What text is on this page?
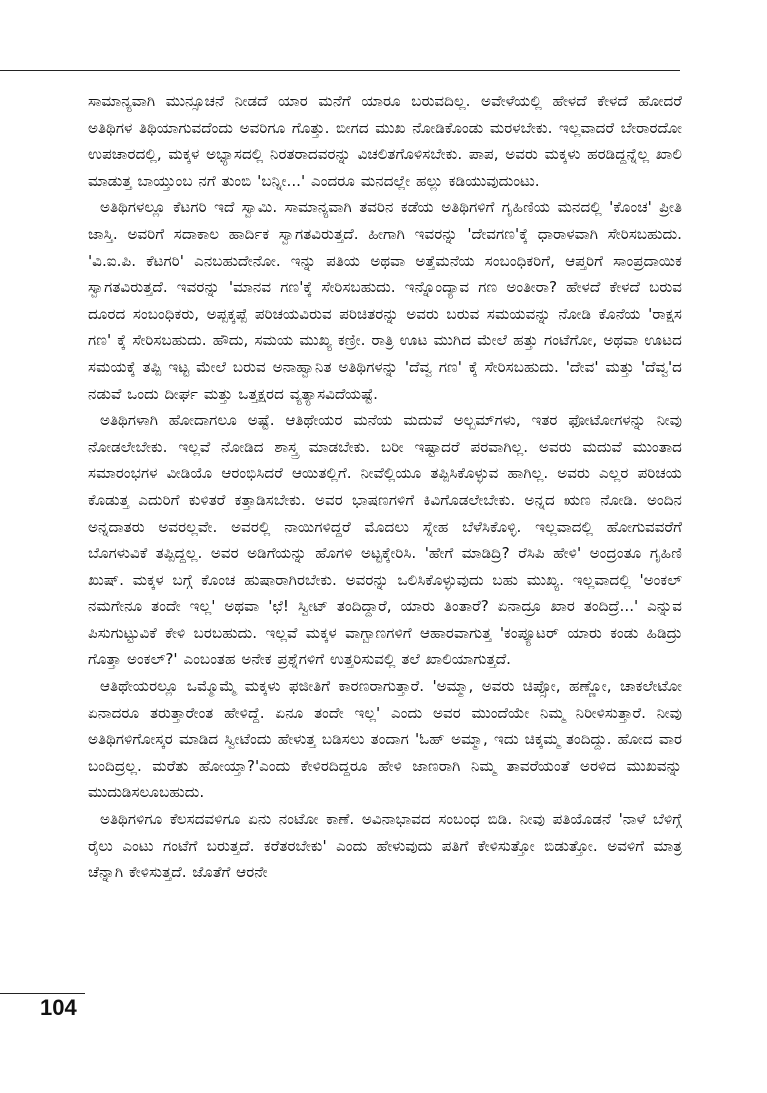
ಸಾಮಾನ್ಯವಾಗಿ ಮುನ್ಸೂಚನೆ ನೀಡದೆ ಯಾರ ಮನೆಗೆ ಯಾರೂ ಬರುವದಿಲ್ಲ. ಅವೇಳೆಯಲ್ಲಿ ಹೇಳದೆ ಕೇಳದೆ ಹೋದರೆ ಅತಿಥಿಗಳ ತಿಥಿಯಾಗುವದೆಂದು ಅವರಿಗೂ ಗೊತ್ತು. ಬೀಗದ ಮುಖ ನೋಡಿಕೊಂಡು ಮರಳಬೇಕು. ಇಲ್ಲವಾದರೆ ಬೇರಾರದೋ ಉಪಚಾರದಲ್ಲಿ, ಮಕ್ಕಳ ಅಭ್ಯಾಸದಲ್ಲಿ ನಿರತರಾದವರನ್ನು ವಿಚಲಿತಗೊಳಿಸಬೇಕು. ಪಾಪ, ಅವರು ಮಕ್ಕಳು ಹರಡಿದ್ದನ್ನೆಲ್ಲ ಖಾಲಿ ಮಾಡುತ್ತ ಬಾಯ್ತುಂಬ ನಗೆ ತುಂಬಿ 'ಬನ್ನೀ...' ಎಂದರೂ ಮನದಲ್ಲೇ ಹಲ್ಲು ಕಡಿಯುವುದುಂಟು.

ಅತಿಥಿಗಳಲ್ಲೂ ಕೆಟಗರಿ ಇದೆ ಸ್ವಾಮಿ. ಸಾಮಾನ್ಯವಾಗಿ ತವರಿನ ಕಡೆಯ ಅತಿಥಿಗಳಿಗೆ ಗೃಹಿಣಿಯ ಮನದಲ್ಲಿ 'ಕೊಂಚ' ಪ್ರೀತಿ ಜಾಸ್ತಿ. ಅವರಿಗೆ ಸದಾಕಾಲ ಹಾರ್ದಿಕ ಸ್ವಾಗತವಿರುತ್ತದೆ. ಹೀಗಾಗಿ ಇವರನ್ನು 'ದೇವಗಣ'ಕ್ಕೆ ಧಾರಾಳವಾಗಿ ಸೇರಿಸಬಹುದು. 'ವಿ.ಐ.ಪಿ. ಕೆಟಗರಿ' ಎನಬಹುದೇನೋ. ಇನ್ನು ಪತಿಯ ಅಥವಾ ಅತ್ತೆಮನೆಯ ಸಂಬಂಧಿಕರಿಗೆ, ಆಪ್ತರಿಗೆ ಸಾಂಪ್ರದಾಯಿಕ ಸ್ವಾಗತವಿರುತ್ತದೆ. ಇವರನ್ನು 'ಮಾನವ ಗಣ'ಕ್ಕೆ ಸೇರಿಸಬಹುದು. ಇನ್ನೊಂದ್ಯಾವ ಗಣ ಅಂತೀರಾ? ಹೇಳದೆ ಕೇಳದೆ ಬರುವ ದೂರದ ಸಂಬಂಧಿಕರು, ಅಪ್ಪಕ್ಕಪ್ಪೆ ಪರಿಚಯವಿರುವ ಪರಿಚಿತರನ್ನು ಅವರು ಬರುವ ಸಮಯವನ್ನು ನೋಡಿ ಕೊನೆಯ 'ರಾಕ್ಷಸ ಗಣ' ಕ್ಕೆ ಸೇರಿಸಬಹುದು. ಹೌದು, ಸಮಯ ಮುಖ್ಯ ಕಣ್ರೀ. ರಾತ್ರಿ ಊಟ ಮುಗಿದ ಮೇಲೆ ಹತ್ತು ಗಂಟೆಗೋ, ಅಥವಾ ಊಟದ ಸಮಯಕ್ಕೆ ತಪ್ಪಿ ಇಟ್ಟ ಮೇಲೆ ಬರುವ ಅನಾಹ್ವಾನಿತ ಅತಿಥಿಗಳನ್ನು 'ದೆವ್ವ ಗಣ' ಕ್ಕೆ ಸೇರಿಸಬಹುದು. 'ದೇವ' ಮತ್ತು 'ದೆವ್ವ'ದ ನಡುವೆ ಒಂದು ದೀರ್ಘ ಮತ್ತು ಒತ್ತಕ್ಷರದ ವ್ಯತ್ಯಾಸವಿದೆಯಷ್ಟೆ.

ಅತಿಥಿಗಳಾಗಿ ಹೋದಾಗಲೂ ಅಷ್ಟೆ. ಆತಿಥೇಯರ ಮನೆಯ ಮದುವೆ ಅಲ್ಬಮ್‌ಗಳು, ಇತರ ಫೋಟೋಗಳನ್ನು ನೀವು ನೋಡಲೇಬೇಕು. ಇಲ್ಲವೆ ನೋಡಿದ ಶಾಸ್ತ್ರ ಮಾಡಬೇಕು. ಬರೀ ಇಷ್ಟಾದರೆ ಪರವಾಗಿಲ್ಲ. ಅವರು ಮದುವೆ ಮುಂತಾದ ಸಮಾರಂಭಗಳ ವೀಡಿಯೊ ಆರಂಭಿಸಿದರೆ ಆಯಿತಲ್ಲಿಗೆ. ನೀವೆಲ್ಲಿಯೂ ತಪ್ಪಿಸಿಕೊಳ್ಳುವ ಹಾಗಿಲ್ಲ. ಅವರು ಎಲ್ಲರ ಪರಿಚಯ ಕೊಡುತ್ತ ಎದುರಿಗೆ ಕುಳಿತರೆ ಕತ್ತಾಡಿಸಬೇಕು. ಅವರ ಭಾಷಣಗಳಿಗೆ ಕಿವಿಗೊಡಲೇಬೇಕು. ಅನ್ನದ ಋಣ ನೋಡಿ. ಅಂದಿನ ಅನ್ನದಾತರು ಅವರಲ್ಲವೇ. ಅವರಲ್ಲಿ ನಾಯಿಗಳಿದ್ದರೆ ಮೊದಲು ಸ್ನೇಹ ಬೆಳೆಸಿಕೊಳ್ಳಿ. ಇಲ್ಲವಾದಲ್ಲಿ ಹೋಗುವವರೆಗೆ ಬೊಗಳುವಿಕೆ ತಪ್ಪಿದ್ದಲ್ಲ. ಅವರ ಅಡಿಗೆಯನ್ನು ಹೊಗಳಿ ಅಟ್ಟಕ್ಕೇರಿಸಿ. 'ಹೇಗೆ ಮಾಡಿದ್ರಿ? ರೆಸಿಪಿ ಹೇಳಿ' ಅಂದ್ರಂತೂ ಗೃಹಿಣಿ ಖುಷ್. ಮಕ್ಕಳ ಬಗ್ಗೆ ಕೊಂಚ ಹುಷಾರಾಗಿರಬೇಕು. ಅವರನ್ನು ಒಲಿಸಿಕೊಳ್ಳುವುದು ಬಹು ಮುಖ್ಯ. ಇಲ್ಲವಾದಲ್ಲಿ 'ಅಂಕಲ್ ನಮಗೇನೂ ತಂದೇ ಇಲ್ಲ' ಅಥವಾ 'ಛೆ! ಸ್ವೀಟ್ ತಂದಿದ್ದಾರೆ, ಯಾರು ತಿಂತಾರೆ? ಏನಾದ್ರೂ ಖಾರ ತಂದಿದ್ರೆ...' ಎನ್ನುವ ಪಿಸುಗುಟ್ಟುವಿಕೆ ಕೇಳಿ ಬರಬಹುದು. ಇಲ್ಲವೆ ಮಕ್ಕಳ ವಾಗ್ಬಾಣಗಳಿಗೆ ಆಹಾರವಾಗುತ್ತ 'ಕಂಪ್ಯೂಟರ್ ಯಾರು ಕಂಡು ಹಿಡಿದ್ರು ಗೊತ್ತಾ ಅಂಕಲ್?' ಎಂಬಂತಹ ಅನೇಕ ಪ್ರಶ್ನೆಗಳಿಗೆ ಉತ್ತರಿಸುವಲ್ಲಿ ತಲೆ ಖಾಲಿಯಾಗುತ್ತದೆ.

ಆತಿಥೇಯರಲ್ಲೂ ಒಮ್ಮೊಮ್ಮೆ ಮಕ್ಕಳು ಫಜೀತಿಗೆ ಕಾರಣರಾಗುತ್ತಾರೆ. 'ಅಮ್ಮಾ, ಅವರು ಚಿಪ್ಸೋ, ಹಣ್ಣೋ, ಚಾಕಲೇಟೋ ಏನಾದರೂ ತರುತ್ತಾರೇಂತ ಹೇಳಿದ್ದೆ. ಏನೂ ತಂದೇ ಇಲ್ಲ' ಎಂದು ಅವರ ಮುಂದೆಯೇ ನಿಮ್ಮ ನಿರೀಳಿಸುತ್ತಾರೆ. ನೀವು ಅತಿಥಿಗಳಿಗೋಸ್ಕರ ಮಾಡಿದ ಸ್ವೀಟೆಂದು ಹೇಳುತ್ತ ಬಡಿಸಲು ತಂದಾಗ 'ಓಹ್ ಅಮ್ಮಾ, ಇದು ಚಿಕ್ಕಮ್ಮ ತಂದಿದ್ದು. ಹೋದ ವಾರ ಬಂದಿದ್ರಲ್ಲ. ಮರೆತು ಹೋಯ್ತಾ?'ಎಂದು ಕೇಳಿರದಿದ್ದರೂ ಹೇಳಿ ಜಾಣರಾಗಿ ನಿಮ್ಮ ತಾವರೆಯಂತೆ ಅರಳಿದ ಮುಖವನ್ನು ಮುದುಡಿಸಲೂಬಹುದು.

ಅತಿಥಿಗಳಿಗೂ ಕೆಲಸದವಳಿಗೂ ಏನು ನಂಟೋ ಕಾಣೆ. ಅವಿನಾಭಾವದ ಸಂಬಂಧ ಬಿಡಿ. ನೀವು ಪತಿಯೊಡನೆ 'ನಾಳೆ ಬೆಳಿಗ್ಗೆ ರೈಲು ಎಂಟು ಗಂಟೆಗೆ ಬರುತ್ತದೆ. ಕರೆತರಬೇಕು' ಎಂದು ಹೇಳುವುದು ಪತಿಗೆ ಕೇಳಿಸುತ್ತೋ ಬಿಡುತ್ತೋ. ಅವಳಿಗೆ ಮಾತ್ರ ಚೆನ್ನಾಗಿ ಕೇಳಿಸುತ್ತದೆ. ಜೊತೆಗೆ ಆರನೇ

104
